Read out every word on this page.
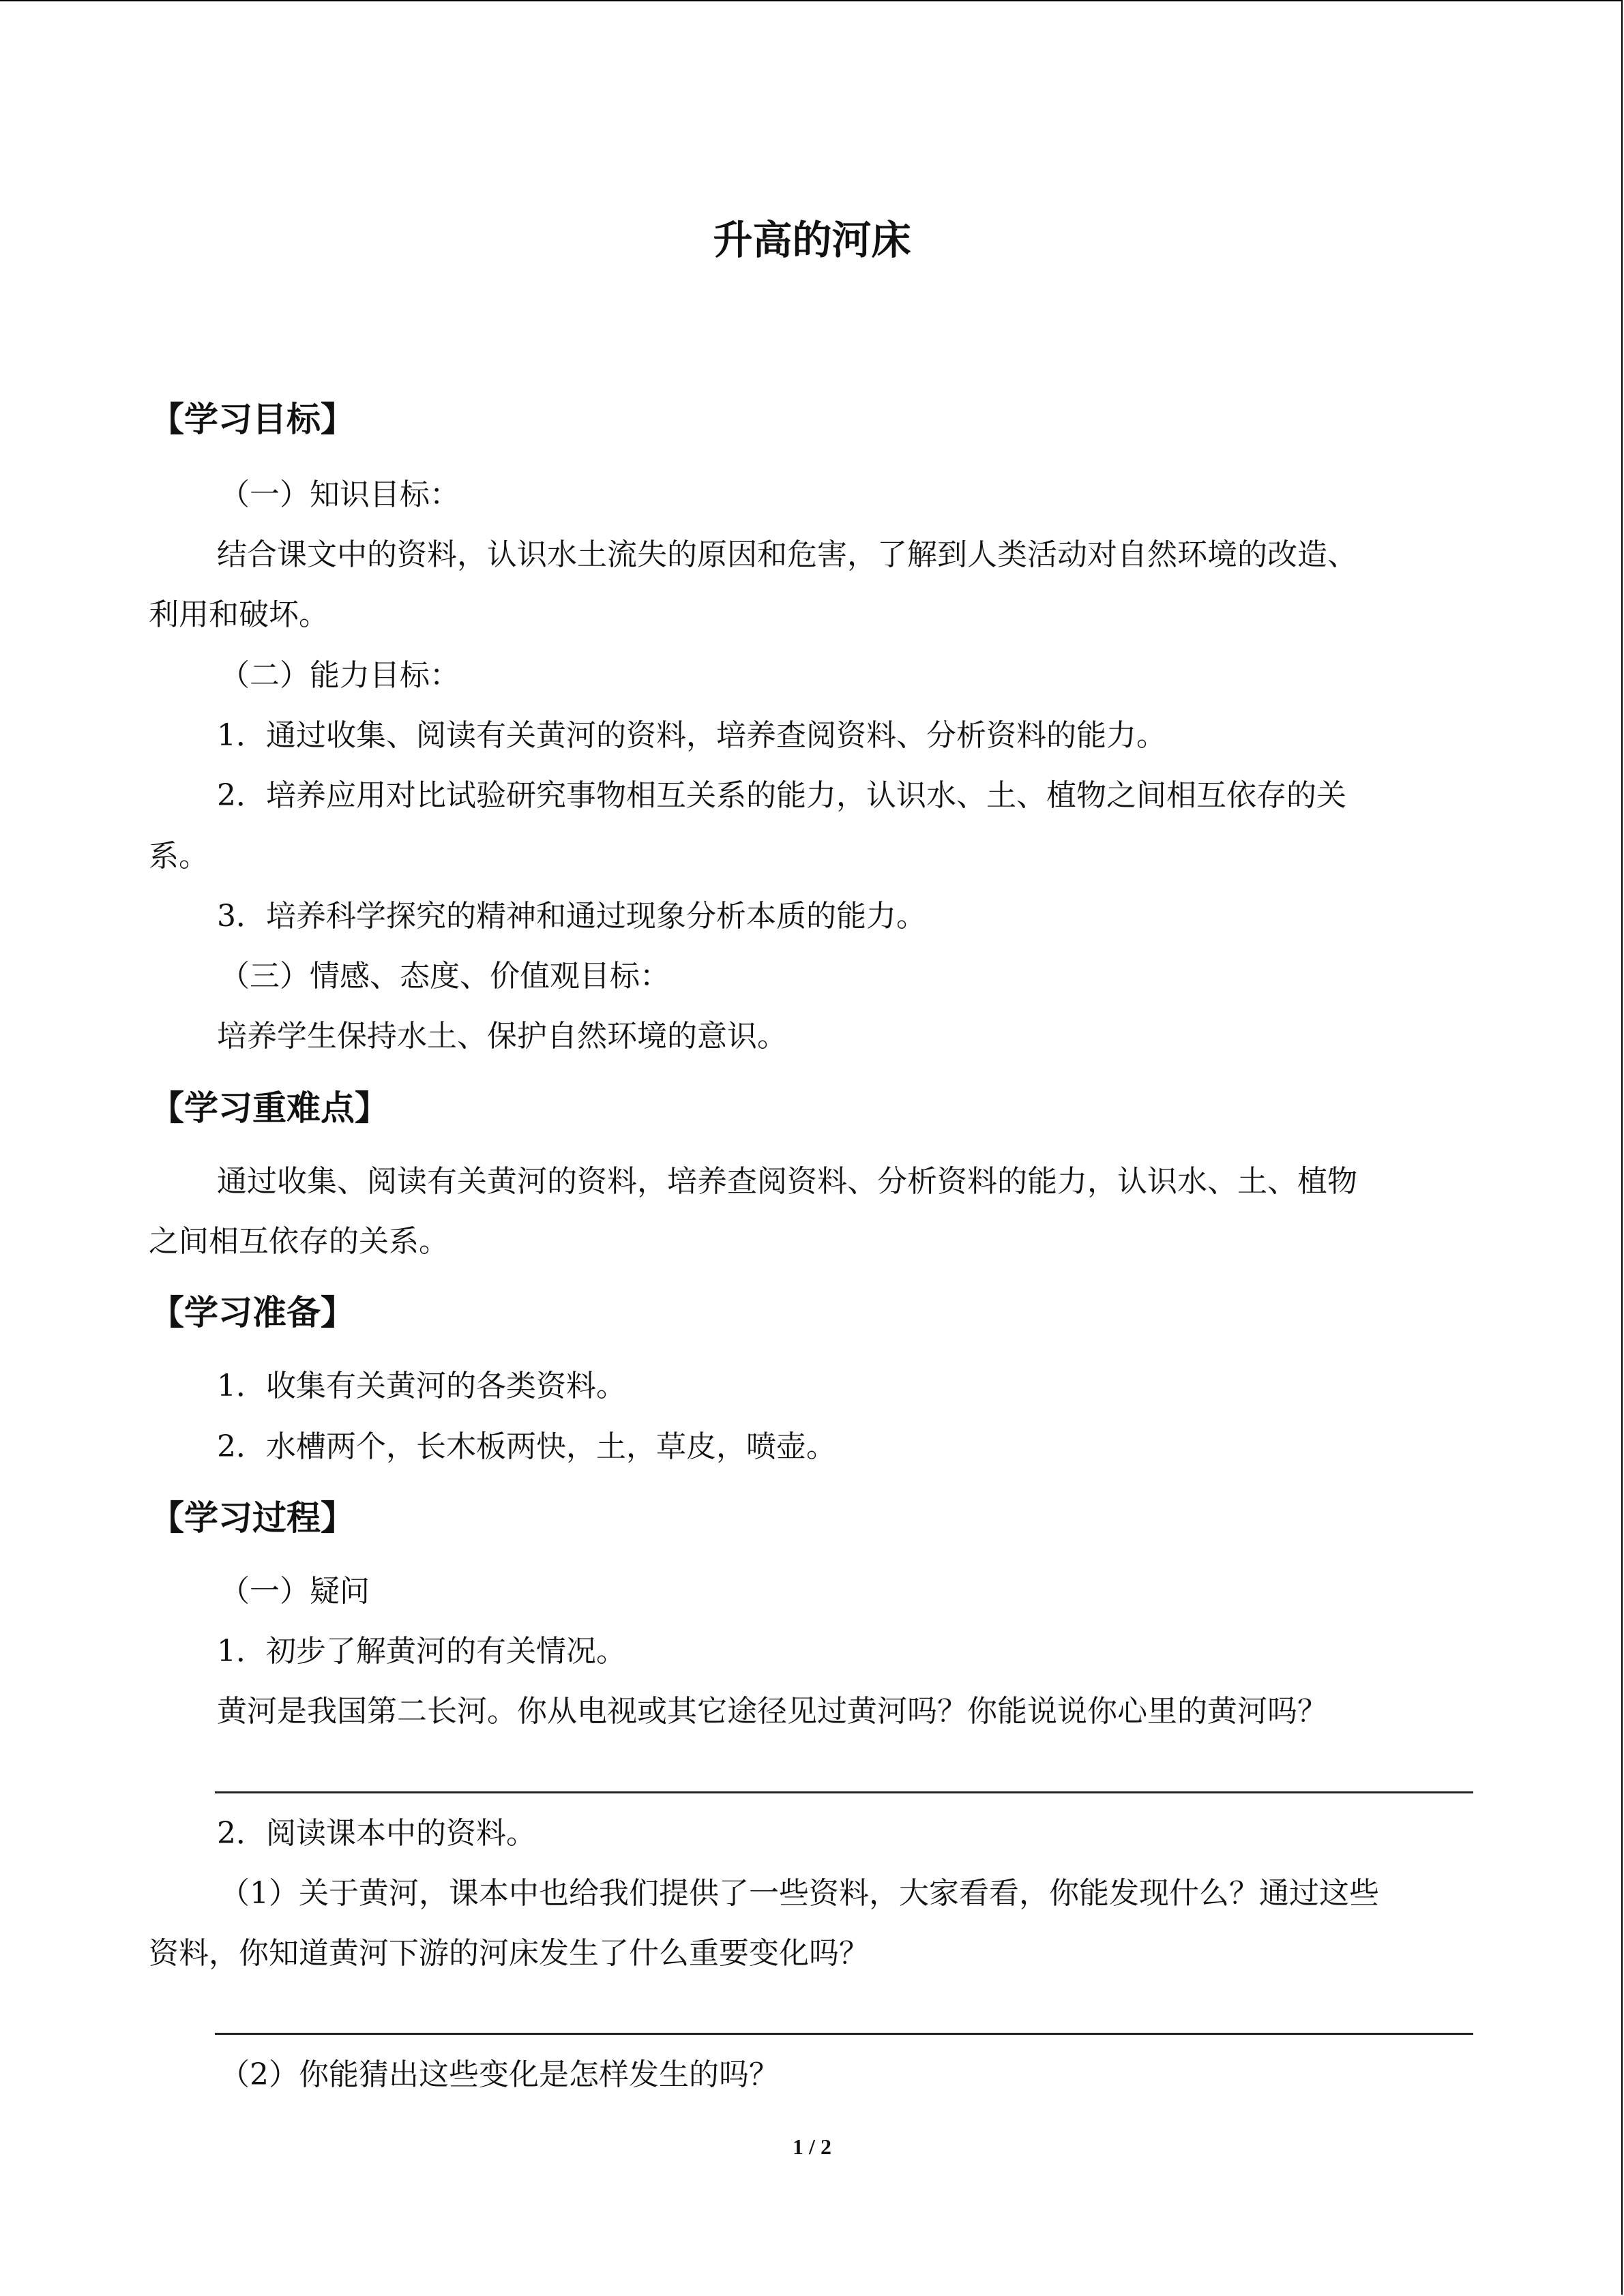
升高的河床
【学习目标】
（一）知识目标：
结合课文中的资料，认识水土流失的原因和危害，了解到人类活动对自然环境的改造、
利用和破坏。
（二）能力目标：
1．通过收集、阅读有关黄河的资料，培养查阅资料、分析资料的能力。
2．培养应用对比试验研究事物相互关系的能力，认识水、土、植物之间相互依存的关
系。
3．培养科学探究的精神和通过现象分析本质的能力。
（三）情感、态度、价值观目标：
培养学生保持水土、保护自然环境的意识。
【学习重难点】
通过收集、阅读有关黄河的资料，培养查阅资料、分析资料的能力，认识水、土、植物
之间相互依存的关系。
【学习准备】
1．收集有关黄河的各类资料。
2．水槽两个，长木板两快，土，草皮，喷壶。
【学习过程】
（一）疑问
1．初步了解黄河的有关情况。
黄河是我国第二长河。你从电视或其它途径见过黄河吗？你能说说你心里的黄河吗？
2．阅读课本中的资料。
（1）关于黄河，课本中也给我们提供了一些资料，大家看看，你能发现什么？通过这些
资料，你知道黄河下游的河床发生了什么重要变化吗？
（2）你能猜出这些变化是怎样发生的吗？
1 / 2
